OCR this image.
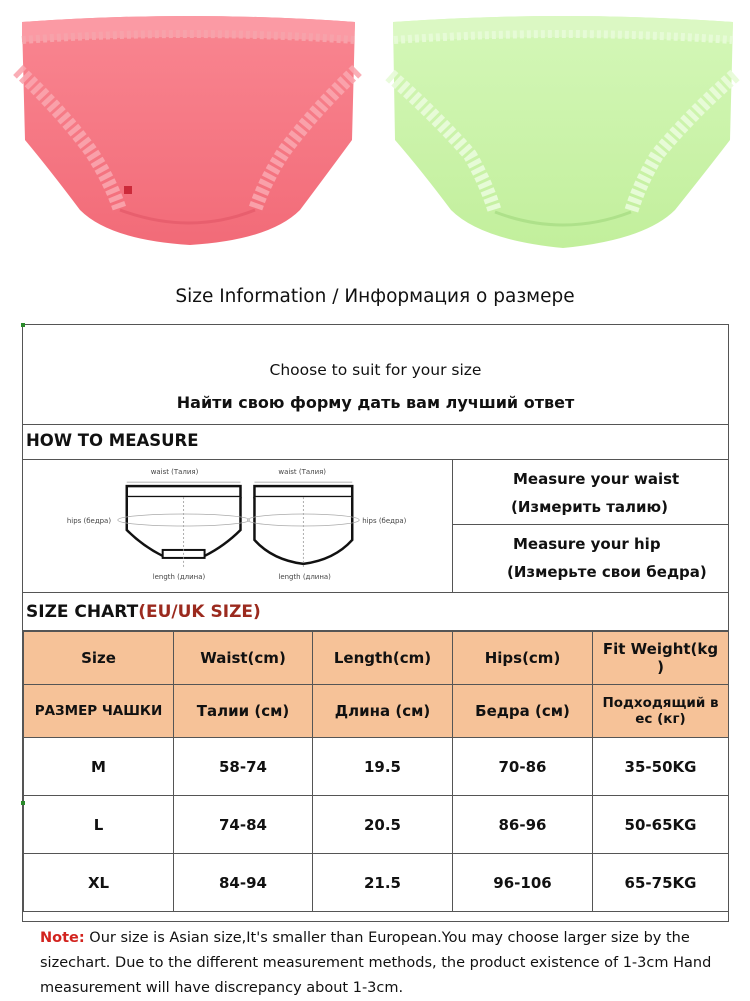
Size Information / Информация о размере
Choose to suit for your size
Найти свою форму дать вам лучший ответ
HOW TO MEASURE
waist (Талия)
hips (бедра)
length (длина)
waist (Талия)
hips (бедра)
length (длина)
Measure your waist
(Измерить талию)
Measure your hip
(Измерьте свои бедра)
SIZE CHART(EU/UK SIZE)
Size	Waist(cm)	Length(cm)	Hips(cm)	Fit Weight(kg )
РАЗМЕР ЧАШКИ	Талии (см)	Длина (см)	Бедра (см)	Подходящий в ес (кг)
M	58-74	19.5	70-86	35-50KG
L	74-84	20.5	86-96	50-65KG
XL	84-94	21.5	96-106	65-75KG
Note: Our size is Asian size,It's smaller than European.You may choose larger size by the sizechart. Due to the different measurement methods, the product existence of 1-3cm Hand measurement will have discrepancy about 1-3cm.
